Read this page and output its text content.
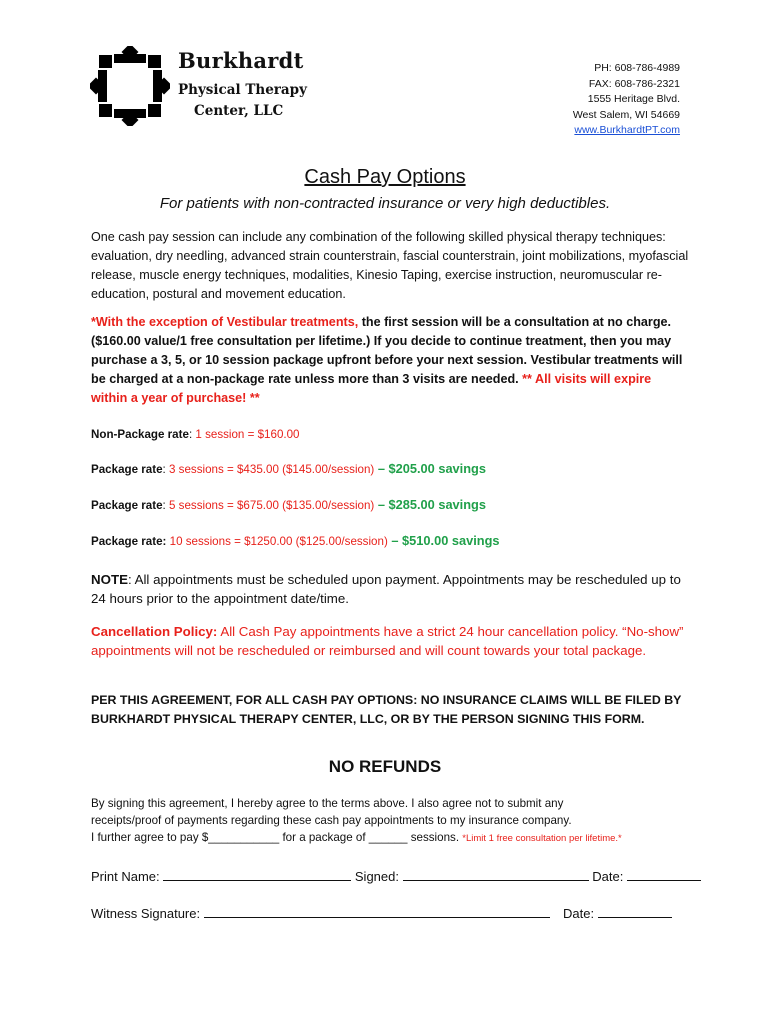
Burkhardt
Physical Therapy
Center, LLC
PH: 608-786-4989
FAX: 608-786-2321
1555 Heritage Blvd.
West Salem, WI 54669
www.BurkhardtPT.com
Cash Pay Options
For patients with non-contracted insurance or very high deductibles.
One cash pay session can include any combination of the following skilled physical therapy techniques: evaluation, dry needling, advanced strain counterstrain, fascial counterstrain, joint mobilizations, myofascial release, muscle energy techniques, modalities, Kinesio Taping, exercise instruction, neuromuscular re-education, postural and movement education.
*With the exception of Vestibular treatments, the first session will be a consultation at no charge. ($160.00 value/1 free consultation per lifetime.) If you decide to continue treatment, then you may purchase a 3, 5, or 10 session package upfront before your next session. Vestibular treatments will be charged at a non-package rate unless more than 3 visits are needed. ** All visits will expire within a year of purchase! **
Non-Package rate: 1 session = $160.00
Package rate: 3 sessions = $435.00 ($145.00/session) – $205.00 savings
Package rate: 5 sessions = $675.00 ($135.00/session) – $285.00 savings
Package rate: 10 sessions = $1250.00 ($125.00/session) – $510.00 savings
NOTE: All appointments must be scheduled upon payment. Appointments may be rescheduled up to 24 hours prior to the appointment date/time.
Cancellation Policy: All Cash Pay appointments have a strict 24 hour cancellation policy. “No-show” appointments will not be rescheduled or reimbursed and will count towards your total package.
PER THIS AGREEMENT, FOR ALL CASH PAY OPTIONS: NO INSURANCE CLAIMS WILL BE FILED BY BURKHARDT PHYSICAL THERAPY CENTER, LLC, OR BY THE PERSON SIGNING THIS FORM.
NO REFUNDS
By signing this agreement, I hereby agree to the terms above. I also agree not to submit any
receipts/proof of payments regarding these cash pay appointments to my insurance company.
I further agree to pay $___________ for a package of ______ sessions. *Limit 1 free consultation per lifetime.*
Print Name:	Signed:	Date:
Witness Signature:	Date:
